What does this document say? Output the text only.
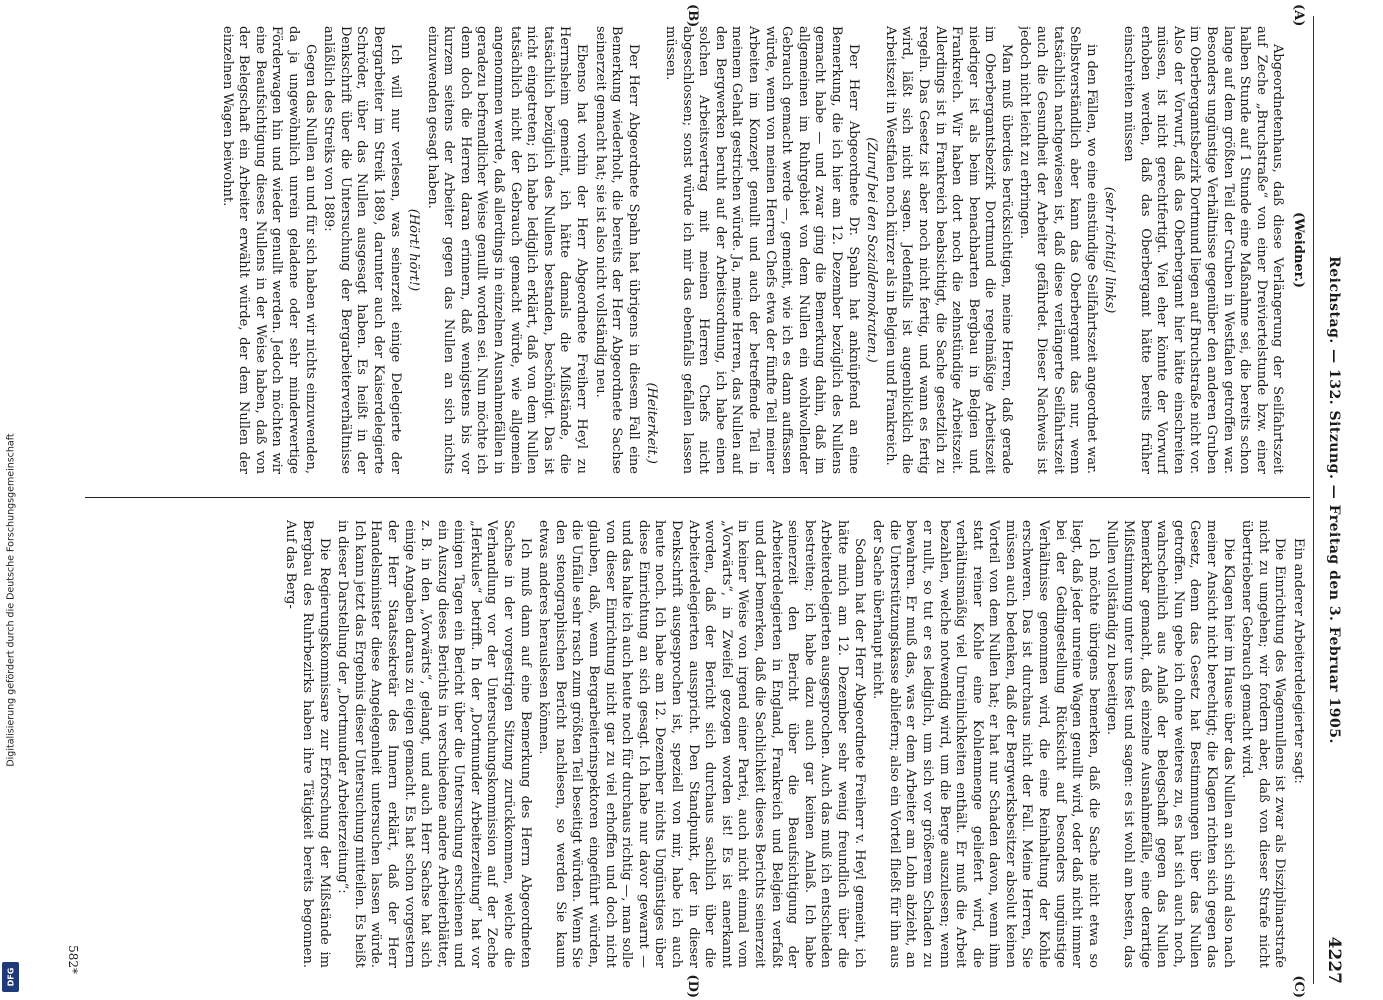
Digitalisierung gefördert durch die Deutsche Forschungsgemeinschaft
DFG
Reichstag. — 132. Sitzung. — Freitag den 3. Februar 1905.
4227
(A)
(B)
(C)
(D)

(Weidner.)

Abgeordnetenhaus, daß diese Verlängerung der Seilfahrtszeit auf Zeche „Bruchstraße“ von einer Dreiviertelstunde bzw. einer halben Stunde auf 1 Stunde eine Maßnahme sei, die bereits schon lange auf dem größten Teil der Gruben in Westfalen getroffen war. Besonders ungünstige Verhältnisse gegenüber den anderen Gruben im Oberbergamtsbezirk Dortmund liegen auf Bruchstraße nicht vor. Also der Vorwurf, daß das Oberbergamt hier hätte einschreiten müssen, ist nicht gerechtfertigt. Viel eher könnte der Vorwurf erhoben werden, daß das Oberbergamt hätte bereits früher einschreiten müssen

(sehr richtig! links)

in den Fällen, wo eine einstündige Seilfahrtszeit angeordnet war. Selbstverständlich aber kann das Oberbergamt das nur, wenn tatsächlich nachgewiesen ist, daß diese verlängerte Seilfahrtszeit auch die Gesundheit der Arbeiter gefährdet. Dieser Nachweis ist jedoch nicht leicht zu erbringen.

Man muß überdies berücksichtigen, meine Herren, daß gerade im Oberbergamtsbezirk Dortmund die regelmäßige Arbeitszeit niedriger ist als beim benachbarten Bergbau in Belgien und Frankreich. Wir haben dort noch die zehnstündige Arbeitszeit. Allerdings ist in Frankreich beabsichtigt, die Sache gesetzlich zu regeln. Das Gesetz ist aber noch nicht fertig, und wann es fertig wird, läßt sich nicht sagen. Jedenfalls ist augenblicklich die Arbeitszeit in Westfalen noch kürzer als in Belgien und Frankreich.

(Zuruf bei den Sozialdemokraten.)

Der Herr Abgeordnete Dr. Spahn hat anknüpfend an eine Bemerkung, die ich hier am 12. Dezember bezüglich des Nullens gemacht habe — und zwar ging die Bemerkung dahin, daß im allgemeinen im Ruhrgebiet von dem Nullen ein wohlwollender Gebrauch gemacht werde —, gemeint, wie ich es dann auffassen würde, wenn von meinen Herren Chefs etwa der fünfte Teil meiner Arbeiten im Konzept genullt und auch der betreffende Teil in meinem Gehalt gestrichen würde. Ja, meine Herren, das Nullen auf den Bergwerken beruht auf der Arbeitsordnung, ich habe einen solchen Arbeitsvertrag mit meinen Herren Chefs nicht abgeschlossen; sonst würde ich mir das ebenfalls gefallen lassen müssen.

(Heiterkeit.)

Der Herr Abgeordnete Spahn hat übrigens in diesem Fall eine Bemerkung wiederholt, die bereits der Herr Abgeordnete Sachse seinerzeit gemacht hat; sie ist also nicht vollständig neu.

Ebenso hat vorhin der Herr Abgeordnete Freiherr Heyl zu Herrnsheim gemeint, ich hätte damals die Mißstände, die tatsächlich bezüglich des Nullens bestanden, beschönigt. Das ist nicht eingetreten; ich habe lediglich erklärt, daß von dem Nullen tatsächlich nicht der Gebrauch gemacht würde, wie allgemein angenommen werde, daß allerdings in einzelnen Ausnahmefällen in geradezu befremdlicher Weise genullt worden sei. Nun möchte ich denn doch die Herren daran erinnern, daß wenigstens bis vor kurzem seitens der Arbeiter gegen das Nullen an sich nichts einzuwenden gesagt haben.

(Hört! hört!)

Ich will nur verlesen, was seinerzeit einige Delegierte der Bergarbeiter im Streik 1889, darunter auch der Kaiserdelegierte Schröder, über das Nullen ausgesagt haben. Es heißt in der Denkschrift über die Untersuchung der Bergarbeiterverhältnisse anläßlich des Streiks von 1889:

Gegen das Nullen an und für sich haben wir nichts einzuwenden, da ja ungewöhnlich unrein geladene oder sehr minderwertige Förderwagen hin und wieder genullt werden. Jedoch möchten wir eine Beaufsichtigung dieses Nullens in der Weise haben, daß von der Belegschaft ein Arbeiter erwählt würde, der dem Nullen der einzelnen Wagen beiwohnt.

Ein anderer Arbeiterdelegierter sagt:

Die Einrichtung des Wagennullens ist zwar als Disziplinarstrafe nicht zu umgehen; wir fordern aber, daß von dieser Strafe nicht übertriebener Gebrauch gemacht wird.

Die Klagen hier im Hause über das Nullen an sich sind also nach meiner Ansicht nicht berechtigt; die Klagen richten sich gegen das Gesetz, denn das Gesetz hat Bestimmungen über das Nullen getroffen. Nun gebe ich ohne weiteres zu, es hat sich auch noch, wahrscheinlich aus Anlaß der Belegschaft gegen das Nullen bemerkbar gemacht, daß einzelne Ausnahmefälle, eine derartige Mißstimmung unter uns fest und sagen: es ist wohl am besten, das Nullen vollständig zu beseitigen.

Ich möchte übrigens bemerken, daß die Sache nicht etwa so liegt, daß jeder unreine Wagen genullt wird, oder daß nicht immer bei der Gedingestellung Rücksicht auf besonders ungünstige Verhältnisse genommen wird, die eine Reinhaltung der Kohle erschweren. Das ist durchaus nicht der Fall. Meine Herren, Sie müssen auch bedenken, daß der Bergwerksbesitzer absolut keinen Vorteil von dem Nullen hat; er hat nur Schaden davon, wenn ihm statt reiner Kohle eine Kohlenmenge geliefert wird, die verhältnismäßig viel Unreinlichkeiten enthält. Er muß die Arbeit bezahlen, welche notwendig wird, um die Berge auszulesen; wenn er nullt, so tut er es lediglich, um sich vor größerem Schaden zu bewahren. Er muß das, was er dem Arbeiter am Lohn abzieht, an die Unterstützungskasse abliefern; also ein Vorteil fließt für ihn aus der Sache überhaupt nicht.

Sodann hat der Herr Abgeordnete Freiherr v. Heyl gemeint, ich hätte mich am 12. Dezember sehr wenig freundlich über die Arbeiterdelegierten ausgesprochen. Auch das muß ich entschieden bestreiten; ich habe dazu auch gar keinen Anlaß. Ich habe seinerzeit den Bericht über die Beaufsichtigung der Arbeiterdelegierten in England, Frankreich und Belgien verfaßt und darf bemerken, daß die Sachlichkeit dieses Berichts seinerzeit in keiner Weise von irgend einer Partei, auch nicht einmal vom „Vorwärts“, in Zweifel gezogen worden ist! Es ist anerkannt worden, daß der Bericht sich durchaus sachlich über die Arbeiterdelegierten ausspricht. Den Standpunkt, der in dieser Denkschrift ausgesprochen ist, speziell von mir, habe ich auch heute noch. Ich habe am 12. Dezember nichts Ungünstiges über diese Einrichtung an sich gesagt. Ich habe nur davor gewarnt — und das halte ich auch heute noch für durchaus richtig —, man solle von dieser Einrichtung nicht gar zu viel erhoffen und doch nicht glauben, daß, wenn Bergarbeiterinspektoren eingeführt würden, die Unfälle sehr rasch zum größten Teil beseitigt würden. Wenn Sie den stenographischen Bericht nachlesen, so werden Sie kaum etwas anderes herauslesen können.

Ich muß dann auf eine Bemerkung des Herrn Abgeordneten Sachse in der vorgestrigen Sitzung zurückkommen, welche die Verhandlung vor der Untersuchungskommission auf der Zeche „Herkules“ betrifft. In der „Dortmunder Arbeiterzeitung“ hat vor einigen Tagen ein Bericht über die Untersuchung erschienen und ein Auszug dieses Berichts in verschiedene andere Arbeiterblätter, z. B. in den „Vorwärts“, gelangt, und auch Herr Sachse hat sich einige Angaben daraus zu eigen gemacht. Es hat schon vorgestern der Herr Staatssekretär des Innern erklärt, daß der Herr Handelsminister diese Angelegenheit untersuchen lassen würde. Ich kann jetzt das Ergebnis dieser Untersuchung mitteilen. Es heißt in dieser Darstellung der „Dortmunder Arbeiterzeitung“:

Die Regierungskommissare zur Erforschung der Mißstände im Bergbau des Ruhrbezirks haben ihre Tätigkeit bereits begonnen. Auf das Berg-

582*
